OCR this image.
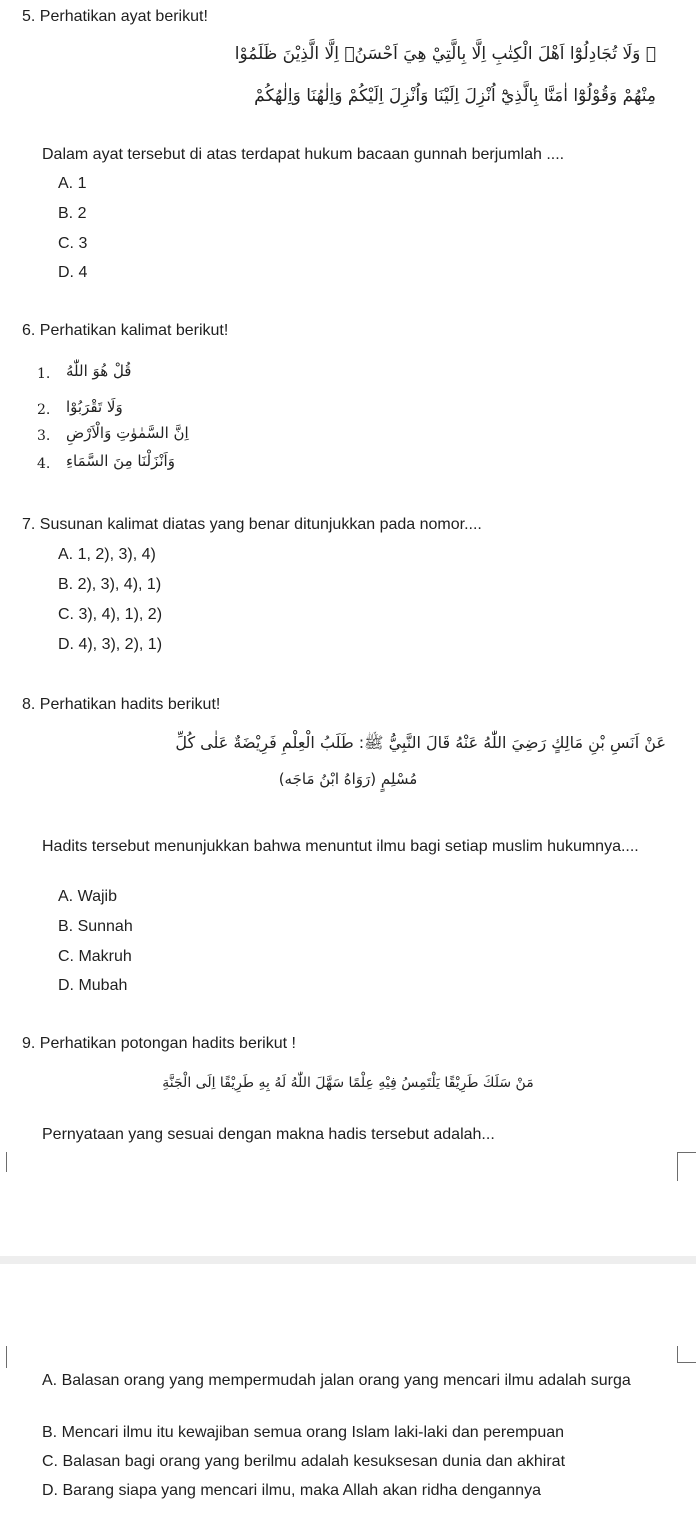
5. Perhatikan ayat berikut!
۞ وَلَا تُجَادِلُوْٓا اَهْلَ الْكِتٰبِ اِلَّا بِالَّتِيْ هِيَ اَحْسَنُۖ اِلَّا الَّذِيْنَ ظَلَمُوْا
مِنْهُمْ وَقُوْلُوْٓا اٰمَنَّا بِالَّذِيْٓ اُنْزِلَ اِلَيْنَا وَاُنْزِلَ اِلَيْكُمْ وَاِلٰهُنَا وَاِلٰهُكُمْ
Dalam ayat tersebut di atas terdapat hukum bacaan gunnah berjumlah ....
A. 1
B. 2
C. 3
D. 4
6. Perhatikan kalimat berikut!
1. قُلْ هُوَ اللّٰهُ
2. وَلَا تَقْرَبُوْا
3. اِنَّ السَّمٰوٰتِ وَالْاَرْضِ
4. وَاَنْزَلْنَا مِنَ السَّمَاءِ
7. Susunan kalimat diatas yang benar ditunjukkan pada nomor....
A. 1, 2), 3), 4)
B. 2), 3), 4), 1)
C. 3), 4), 1), 2)
D. 4), 3), 2), 1)
8. Perhatikan hadits berikut!
عَنْ اَنَسِ بْنِ مَالِكٍ رَضِيَ اللّٰهُ عَنْهُ قَالَ النَّبِيُّ ﷺ: طَلَبُ الْعِلْمِ فَرِيْضَةٌ عَلٰى كُلِّ
مُسْلِمٍ (رَوَاهُ ابْنُ مَاجَه)
Hadits tersebut menunjukkan bahwa menuntut ilmu bagi setiap muslim hukumnya....
A. Wajib
B. Sunnah
C. Makruh
D. Mubah
9. Perhatikan potongan hadits berikut !
مَنْ سَلَكَ طَرِيْقًا يَلْتَمِسُ فِيْهِ عِلْمًا سَهَّلَ اللّٰهُ لَهُ بِهِ طَرِيْقًا اِلَى الْجَنَّةِ
Pernyataan yang sesuai dengan makna hadis tersebut adalah...
A. Balasan orang yang mempermudah jalan orang yang mencari ilmu adalah surga
B. Mencari ilmu itu kewajiban semua orang Islam laki-laki dan perempuan
C. Balasan bagi orang yang berilmu adalah kesuksesan dunia dan akhirat
D. Barang siapa yang mencari ilmu, maka Allah akan ridha dengannya
